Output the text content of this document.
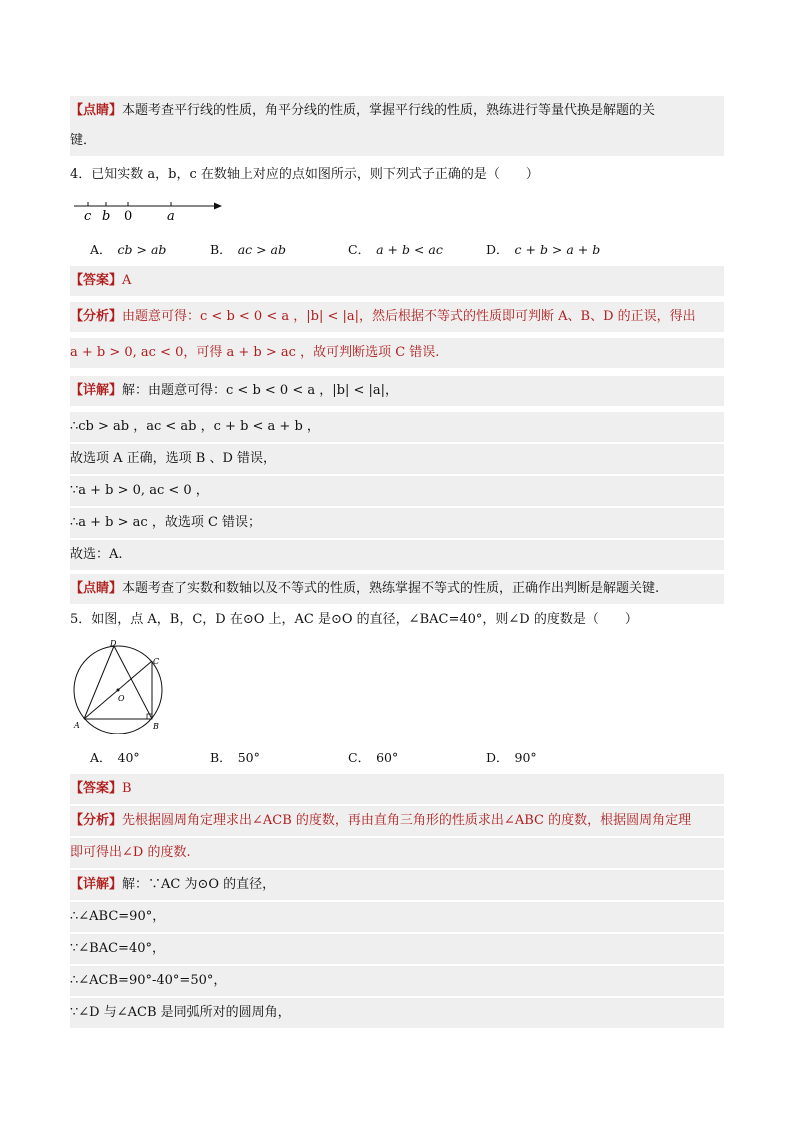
【点睛】 本题考查平行线的性质，角平分线的性质，掌握平行线的性质，熟练进行等量代换是解题的关
键．
4．已知实数 a，b，c 在数轴上对应的点如图所示，则下列式子正确的是（　　）
c b 0	a
A． cb > ab	B． ac > ab	C． a + b < ac	D． c + b > a + b
【答案】 A
【分析】 由题意可得：c < b < 0 < a ，|b| < |a|，然后根据不等式的性质即可判断 A、B、D 的正误，得出
a + b > 0, ac < 0，可得 a + b > ac ，故可判断选项 C 错误.
【详解】 解：由题意可得：c < b < 0 < a ，|b| < |a|，
∴cb > ab ，ac < ab ，c + b < a + b ，
故选项 A 正确，选项 B 、D 错误，
∵a + b > 0, ac < 0 ，
∴a + b > ac ，故选项 C 错误；
故选：A.
【点睛】 本题考查了实数和数轴以及不等式的性质，熟练掌握不等式的性质，正确作出判断是解题关键.
5．如图，点 A，B，C，D 在⊙O 上，AC 是⊙O 的直径，∠BAC=40°，则∠D 的度数是（　　）
A	B
C
D
O
A． 40°	B． 50°	C． 60°	D． 90°
【答案】 B
【分析】 先根据圆周角定理求出∠ACB 的度数，再由直角三角形的性质求出∠ABC 的度数，根据圆周角定理
即可得出∠D 的度数.
【详解】 解：∵AC 为⊙O 的直径，
∴∠ABC=90°，
∵∠BAC=40°，
∴∠ACB=90°-40°=50°，
∵∠D 与∠ACB 是同弧所对的圆周角，
